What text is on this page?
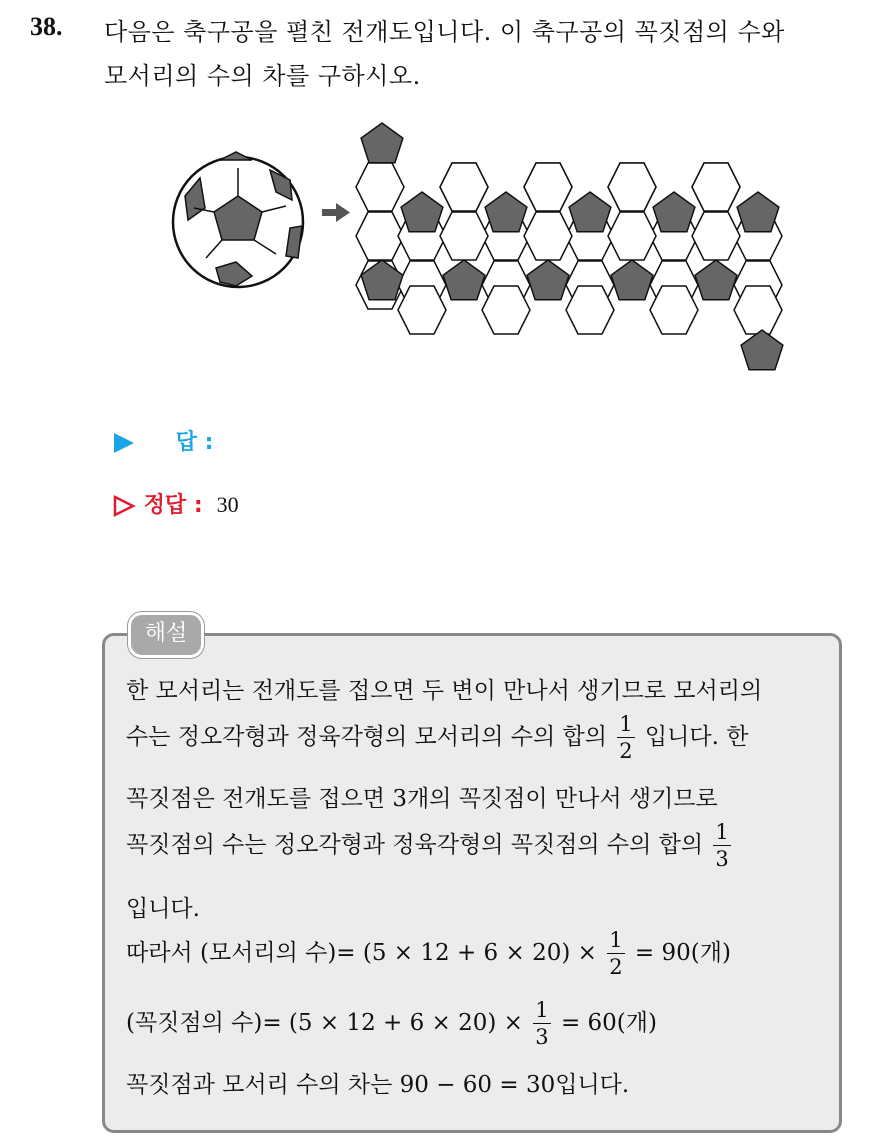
38. 다음은 축구공을 펼친 전개도입니다. 이 축구공의 꼭짓점의 수와
모서리의 수의 차를 구하시오.
답 :
정답 : 30
해설
한 모서리는 전개도를 접으면 두 변이 만나서 생기므로 모서리의
수는 정오각형과 정육각형의 모서리의 수의 합의 $\frac{1}{2}$ 입니다. 한
꼭짓점은 전개도를 접으면 3개의 꼭짓점이 만나서 생기므로
꼭짓점의 수는 정오각형과 정육각형의 꼭짓점의 수의 합의 $\frac{1}{3}$
입니다.
따라서 (모서리의 수)= $(5 \times 12 + 6 \times 20) \times \frac{1}{2} = 90$(개)
(꼭짓점의 수)= $(5 \times 12 + 6 \times 20) \times \frac{1}{3} = 60$(개)
꼭짓점과 모서리 수의 차는 90 − 60 = 30입니다.
